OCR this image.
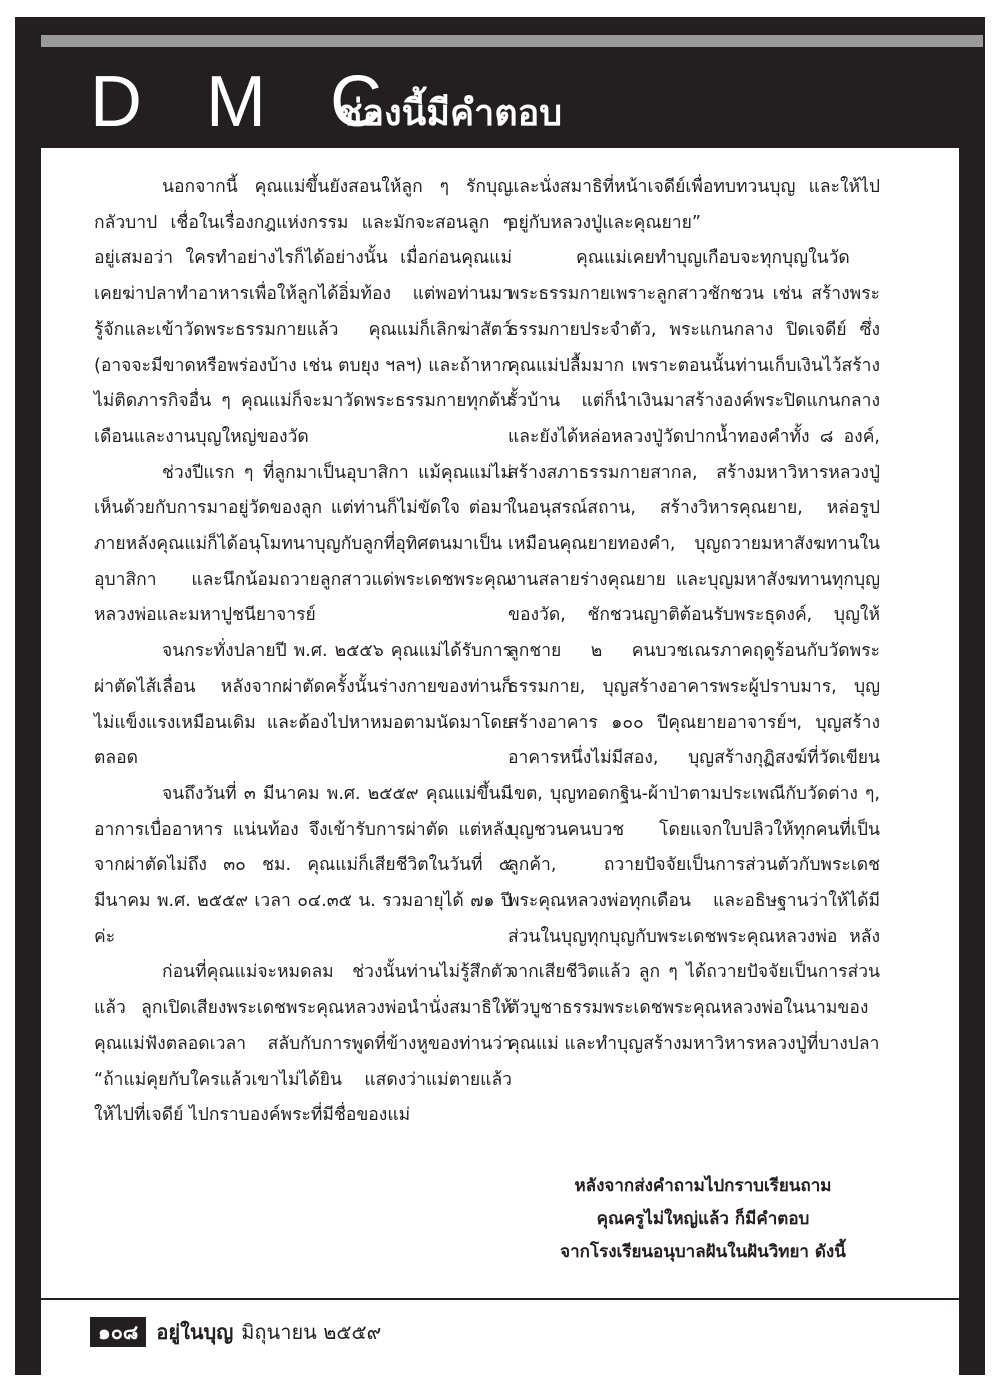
D M C
ช่องนี้มีคำตอบ

นอกจากนี้ คุณแม่ขึ้นยังสอนให้ลูก ๆ รักบุญ กลัวบาป เชื่อในเรื่องกฎแห่งกรรม และมักจะสอนลูก ๆ อยู่เสมอว่า ใครทำอย่างไรก็ได้อย่างนั้น เมื่อก่อนคุณแม่เคยฆ่าปลาทำอาหารเพื่อให้ลูกได้อิ่มท้อง แต่พอท่านมารู้จักและเข้าวัดพระธรรมกายแล้ว คุณแม่ก็เลิกฆ่าสัตว์ (อาจจะมีขาดหรือพร่องบ้าง เช่น ตบยุง ฯลฯ) และถ้าหากไม่ติดภารกิจอื่น ๆ คุณแม่ก็จะมาวัดพระธรรมกายทุกต้นเดือนและงานบุญใหญ่ของวัด

ช่วงปีแรก ๆ ที่ลูกมาเป็นอุบาสิกา แม้คุณแม่ไม่เห็นด้วยกับการมาอยู่วัดของลูก แต่ท่านก็ไม่ขัดใจ ต่อมาภายหลังคุณแม่ก็ได้อนุโมทนาบุญกับลูกที่อุทิศตนมาเป็นอุบาสิกา และนึกน้อมถวายลูกสาวแด่พระเดชพระคุณหลวงพ่อและมหาปูชนียาจารย์

จนกระทั่งปลายปี พ.ศ. ๒๕๕๖ คุณแม่ได้รับการผ่าตัดไส้เลื่อน หลังจากผ่าตัดครั้งนั้นร่างกายของท่านก็ไม่แข็งแรงเหมือนเดิม และต้องไปหาหมอตามนัดมาโดยตลอด

จนถึงวันที่ ๓ มีนาคม พ.ศ. ๒๕๕๙ คุณแม่ขึ้นมีอาการเบื่ออาหาร แน่นท้อง จึงเข้ารับการผ่าตัด แต่หลังจากผ่าตัดไม่ถึง ๓๐ ชม. คุณแม่ก็เสียชีวิตในวันที่ ๕ มีนาคม พ.ศ. ๒๕๕๙ เวลา ๐๔.๓๕ น. รวมอายุได้ ๗๑ ปีค่ะ

ก่อนที่คุณแม่จะหมดลม ช่วงนั้นท่านไม่รู้สึกตัวแล้ว ลูกเปิดเสียงพระเดชพระคุณหลวงพ่อนำนั่งสมาธิให้คุณแม่ฟังตลอดเวลา สลับกับการพูดที่ข้างหูของท่านว่า “ถ้าแม่คุยกับใครแล้วเขาไม่ได้ยิน แสดงว่าแม่ตายแล้ว ให้ไปที่เจดีย์ ไปกราบองค์พระที่มีชื่อของแม่

และนั่งสมาธิที่หน้าเจดีย์เพื่อทบทวนบุญ และให้ไปอยู่กับหลวงปู่และคุณยาย”

คุณแม่เคยทำบุญเกือบจะทุกบุญในวัดพระธรรมกายเพราะลูกสาวชักชวน เช่น สร้างพระธรรมกายประจำตัว, พระแกนกลาง ปิดเจดีย์ ซึ่งคุณแม่ปลื้มมาก เพราะตอนนั้นท่านเก็บเงินไว้สร้างรั้วบ้าน แต่ก็นำเงินมาสร้างองค์พระปิดแกนกลาง และยังได้หล่อหลวงปู่วัดปากน้ำทองคำทั้ง ๘ องค์, สร้างสภาธรรมกายสากล, สร้างมหาวิหารหลวงปู่ในอนุสรณ์สถาน, สร้างวิหารคุณยาย, หล่อรูปเหมือนคุณยายทองคำ, บุญถวายมหาสังฆทานในงานสลายร่างคุณยาย และบุญมหาสังฆทานทุกบุญของวัด, ชักชวนญาติต้อนรับพระธุดงค์, บุญให้ลูกชาย ๒ คนบวชเณรภาคฤดูร้อนกับวัดพระธรรมกาย, บุญสร้างอาคารพระผู้ปราบมาร, บุญสร้างอาคาร ๑๐๐ ปีคุณยายอาจารย์ฯ, บุญสร้างอาคารหนึ่งไม่มีสอง, บุญสร้างกุฏิสงฆ์ที่วัดเขียนเขต, บุญทอดกฐิน-ผ้าป่าตามประเพณีกับวัดต่าง ๆ, บุญชวนคนบวช โดยแจกใบปลิวให้ทุกคนที่เป็นลูกค้า, ถวายปัจจัยเป็นการส่วนตัวกับพระเดชพระคุณหลวงพ่อทุกเดือน และอธิษฐานว่าให้ได้มีส่วนในบุญทุกบุญกับพระเดชพระคุณหลวงพ่อ หลังจากเสียชีวิตแล้ว ลูก ๆ ได้ถวายปัจจัยเป็นการส่วนตัวบูชาธรรมพระเดชพระคุณหลวงพ่อในนามของคุณแม่ และทำบุญสร้างมหาวิหารหลวงปู่ที่บางปลา

หลังจากส่งคำถามไปกราบเรียนถาม
คุณครูไม่ใหญ่แล้ว ก็มีคำตอบ
จากโรงเรียนอนุบาลฝันในฝันวิทยา ดังนี้
๑๐๘ อยู่ในบุญ มิถุนายน ๒๕๕๙
